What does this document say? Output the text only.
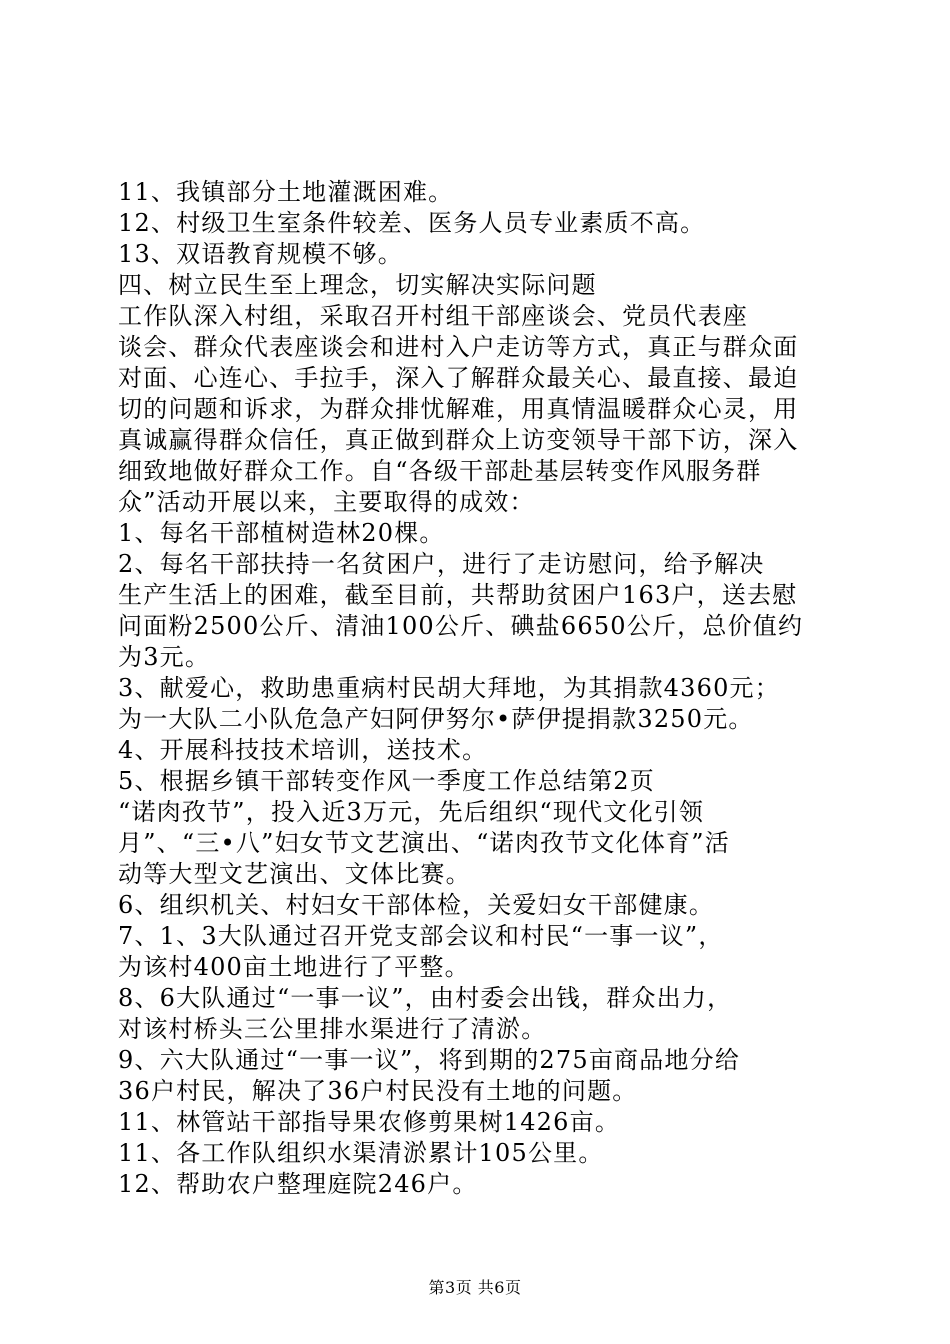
11、我镇部分土地灌溉困难。
12、村级卫生室条件较差、医务人员专业素质不高。
13、双语教育规模不够。
四、树立民生至上理念，切实解决实际问题
工作队深入村组，采取召开村组干部座谈会、党员代表座
谈会、群众代表座谈会和进村入户走访等方式，真正与群众面
对面、心连心、手拉手，深入了解群众最关心、最直接、最迫
切的问题和诉求，为群众排忧解难，用真情温暖群众心灵，用
真诚赢得群众信任，真正做到群众上访变领导干部下访，深入
细致地做好群众工作。自“各级干部赴基层转变作风服务群
众”活动开展以来，主要取得的成效：
1、每名干部植树造林20棵。
2、每名干部扶持一名贫困户，进行了走访慰问，给予解决
生产生活上的困难，截至目前，共帮助贫困户163户，送去慰
问面粉2500公斤、清油100公斤、碘盐6650公斤，总价值约
为3元。
3、献爱心，救助患重病村民胡大拜地，为其捐款4360元；
为一大队二小队危急产妇阿伊努尔•萨伊提捐款3250元。
4、开展科技技术培训，送技术。
5、根据乡镇干部转变作风一季度工作总结第2页
“诺肉孜节”，投入近3万元，先后组织“现代文化引领
月”、“三•八”妇女节文艺演出、“诺肉孜节文化体育”活
动等大型文艺演出、文体比赛。
6、组织机关、村妇女干部体检，关爱妇女干部健康。
7、1、3大队通过召开党支部会议和村民“一事一议”，
为该村400亩土地进行了平整。
8、6大队通过“一事一议”，由村委会出钱，群众出力，
对该村桥头三公里排水渠进行了清淤。
9、六大队通过“一事一议”，将到期的275亩商品地分给
36户村民，解决了36户村民没有土地的问题。
11、林管站干部指导果农修剪果树1426亩。
11、各工作队组织水渠清淤累计105公里。
12、帮助农户整理庭院246户。
第3页 共6页
